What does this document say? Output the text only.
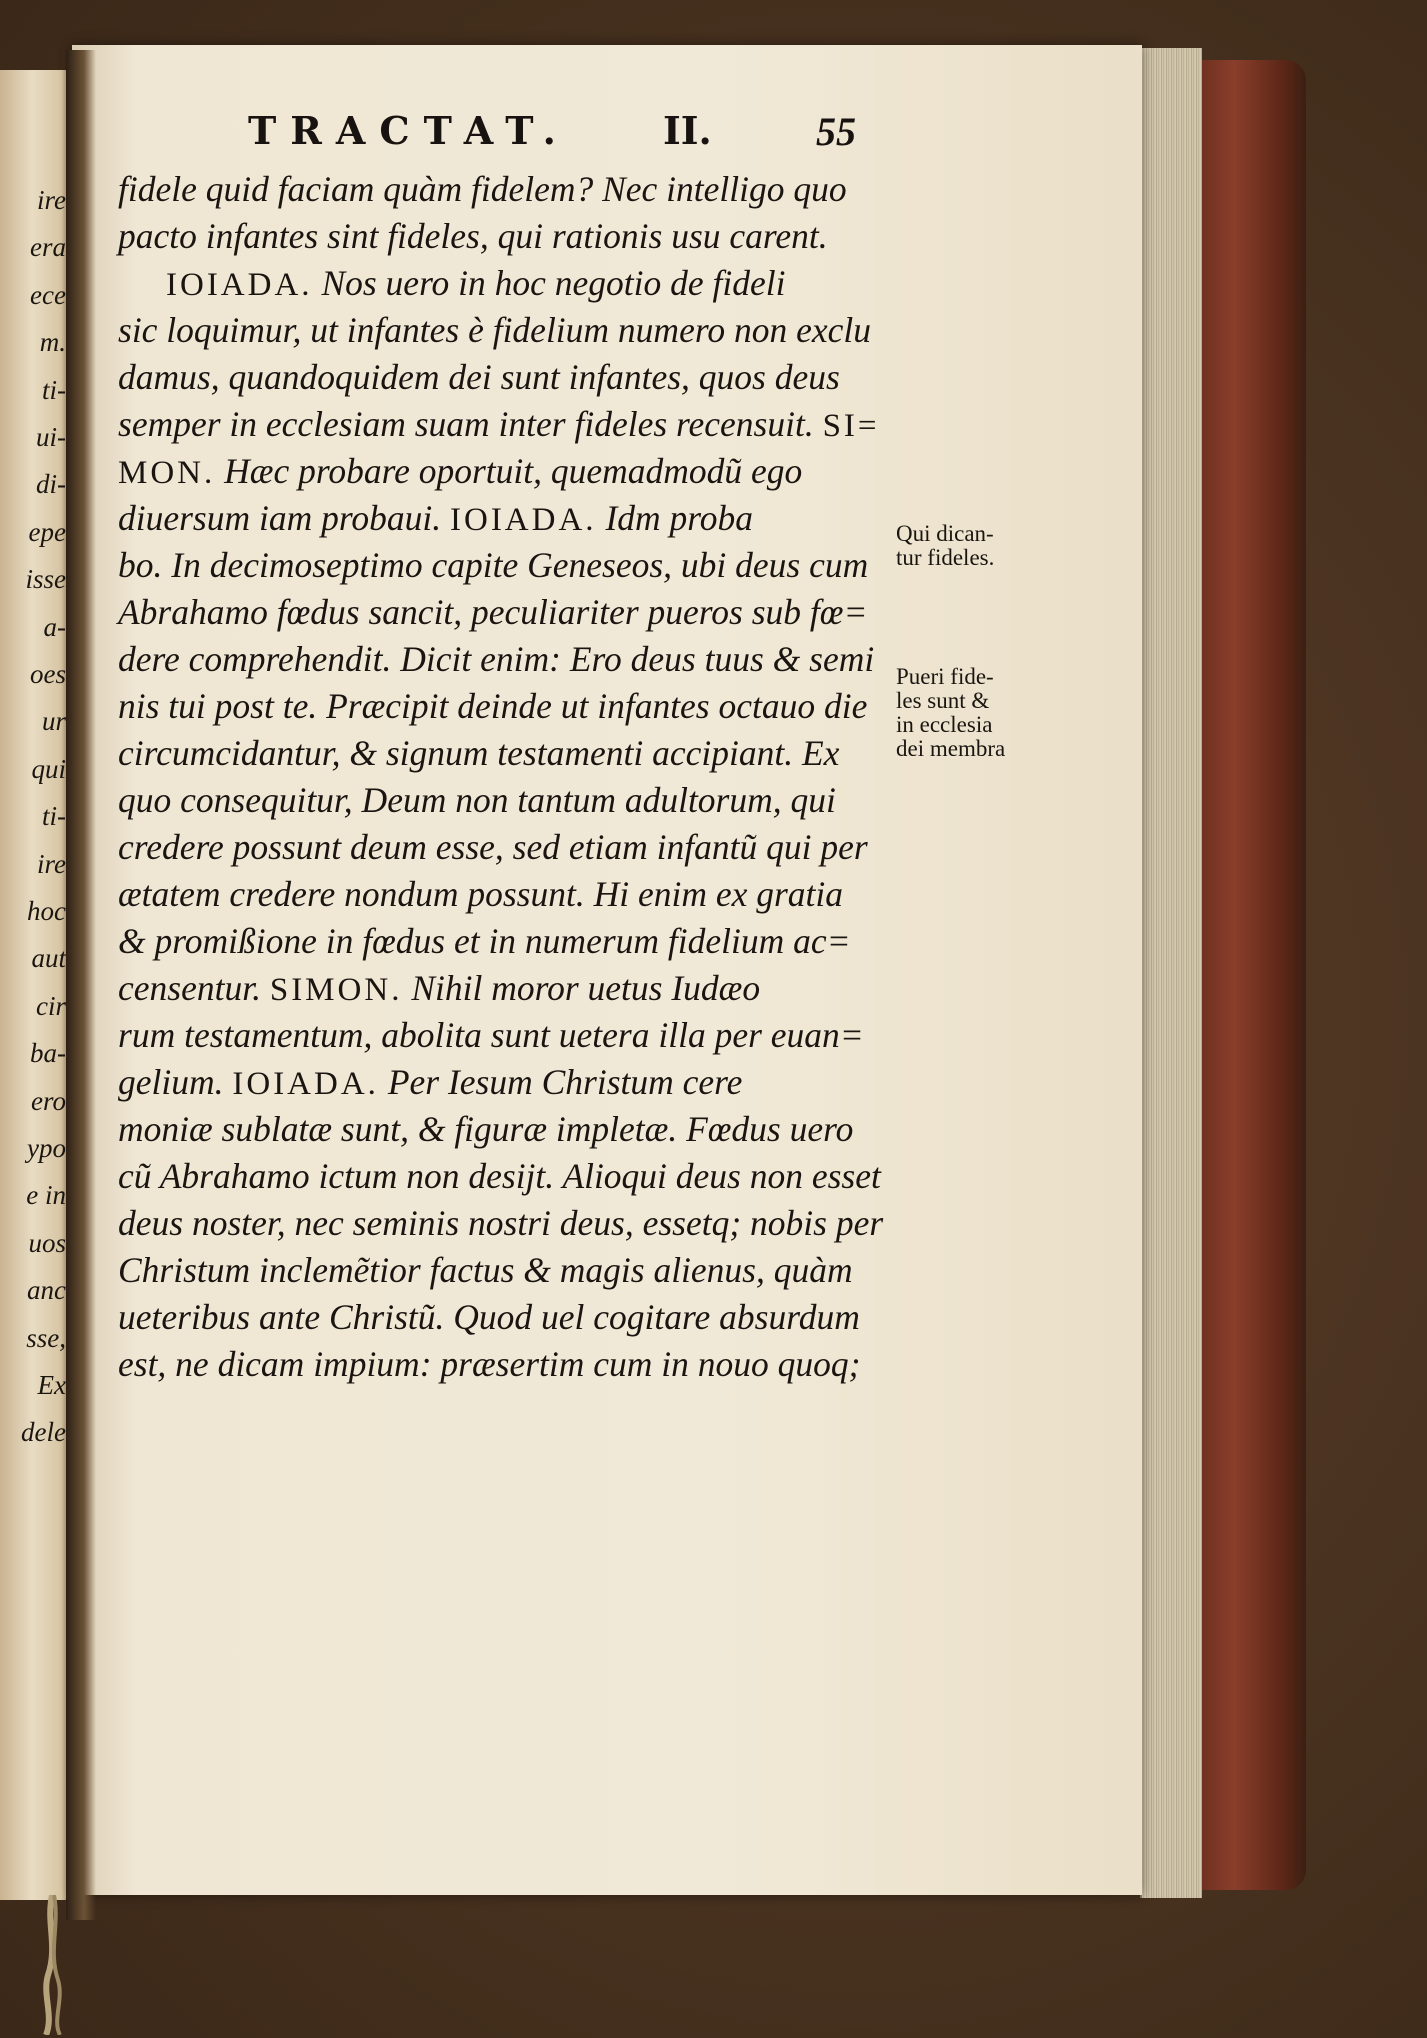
ire
era
ece
m.
ti-
ui-
di-
epe
isse
a-
oes
ur
qui
ti-
ire
hoc
aut
cir
ba-
ero
ypo
e in
uos
anc
sse,
Ex
dele
TRACTAT. II.	55
fidele quid faciam quàm fidelem? Nec intelligo quo
pacto infantes sint fideles, qui rationis usu carent.
IOIADA. Nos uero in hoc negotio de fideli
sic loquimur, ut infantes è fidelium numero non exclu
damus, quandoquidem dei sunt infantes, quos deus
semper in ecclesiam suam inter fideles recensuit. SI=
MON. Hæc probare oportuit, quemadmodũ ego
diuersum iam probaui. IOIADA. Idm proba
bo. In decimoseptimo capite Geneseos, ubi deus cum
Abrahamo fœdus sancit, peculiariter pueros sub fœ=
dere comprehendit. Dicit enim: Ero deus tuus & semi
nis tui post te. Præcipit deinde ut infantes octauo die
circumcidantur, & signum testamenti accipiant. Ex
quo consequitur, Deum non tantum adultorum, qui
credere possunt deum esse, sed etiam infantũ qui per
ætatem credere nondum possunt. Hi enim ex gratia
& promißione in fœdus et in numerum fidelium ac=
censentur. SIMON. Nihil moror uetus Iudæo
rum testamentum, abolita sunt uetera illa per euan=
gelium. IOIADA. Per Iesum Christum cere
moniæ sublatæ sunt, & figuræ impletæ. Fœdus uero
cũ Abrahamo ictum non desijt. Alioqui deus non esset
deus noster, nec seminis nostri deus, essetq; nobis per
Christum inclemẽtior factus & magis alienus, quàm
ueteribus ante Christũ. Quod uel cogitare absurdum
est, ne dicam impium: præsertim cum in nouo quoq;
Qui dican-
tur fideles.
Pueri fide-
les sunt &
in ecclesia
dei membra
